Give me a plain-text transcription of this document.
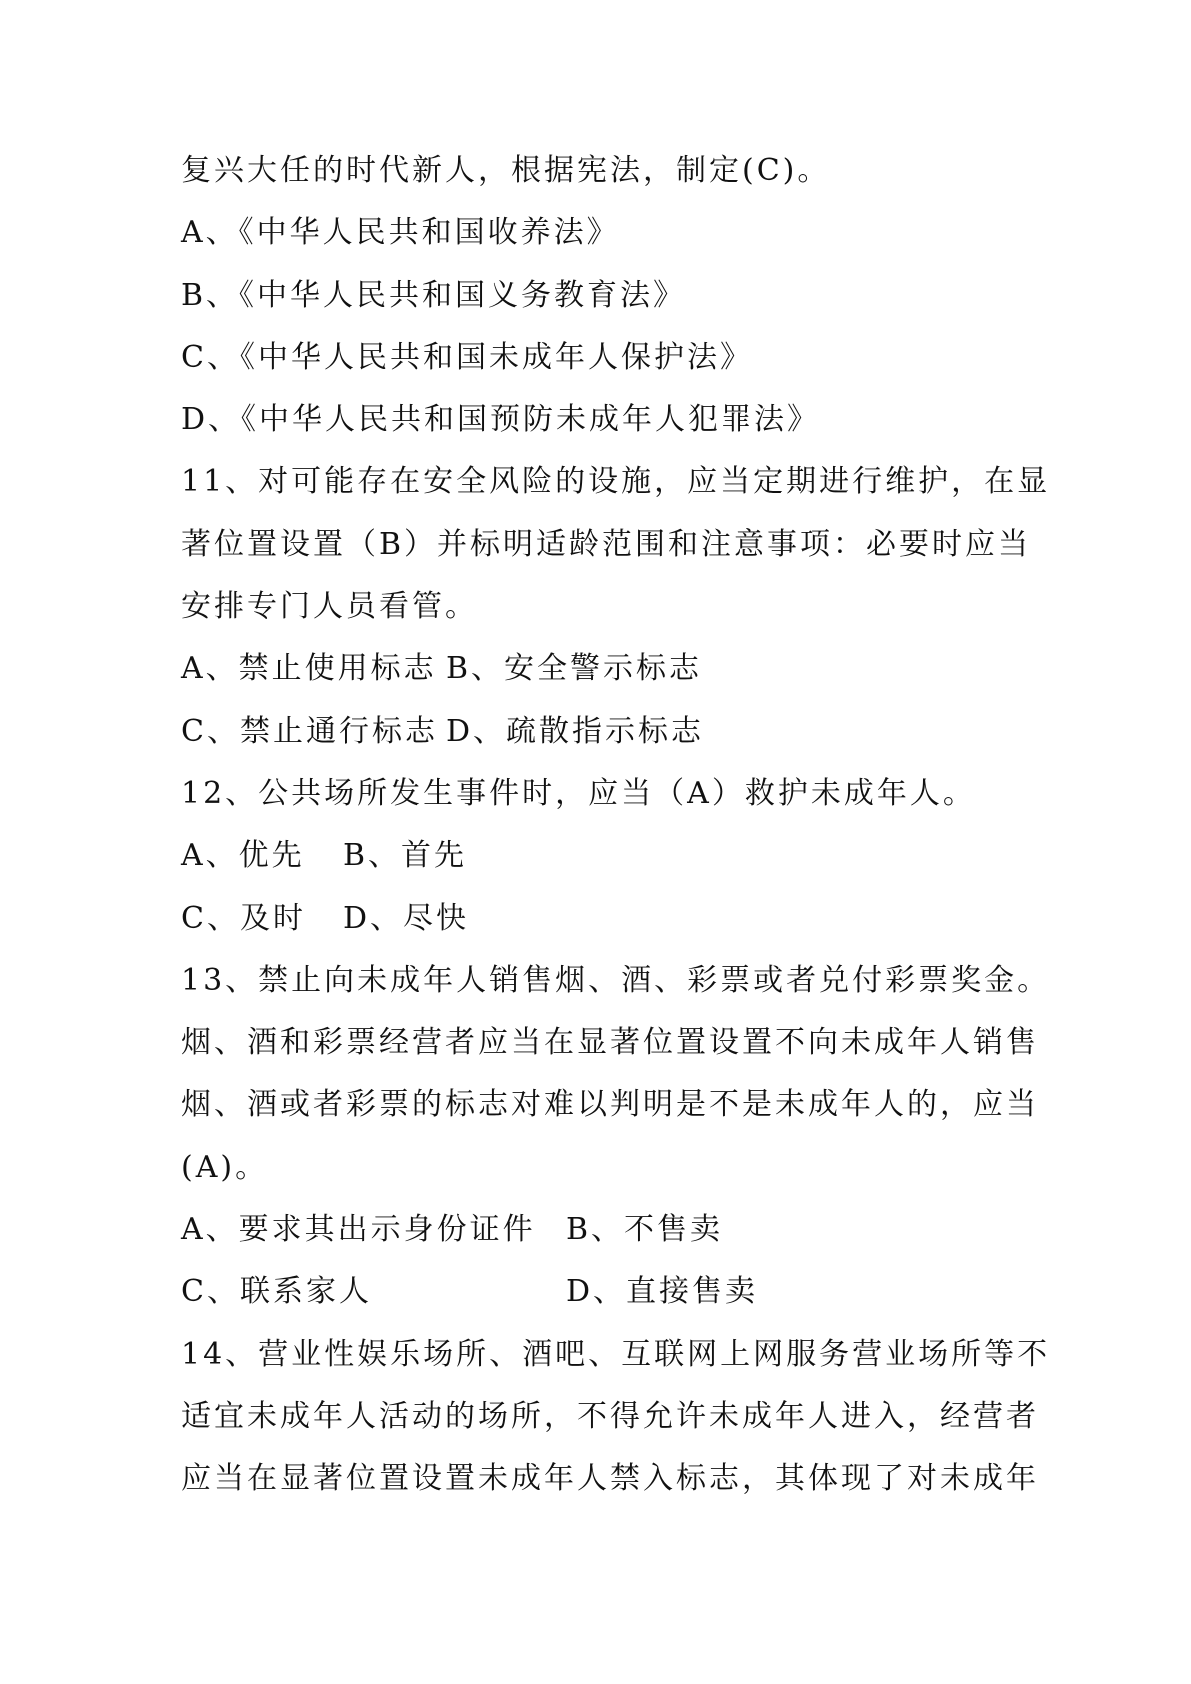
复兴大任的时代新人，根据宪法，制定(C)。
A、《中华人民共和国收养法》
B、《中华人民共和国义务教育法》
C、《中华人民共和国未成年人保护法》
D、《中华人民共和国预防未成年人犯罪法》
11、对可能存在安全风险的设施，应当定期进行维护，在显
著位置设置（B）并标明适龄范围和注意事项：必要时应当
安排专门人员看管。
A、禁止使用标志 B、安全警示标志
C、禁止通行标志 D、疏散指示标志
12、公共场所发生事件时，应当（A）救护未成年人。
A、优先 B、首先
C、及时 D、尽快
13、禁止向未成年人销售烟、酒、彩票或者兑付彩票奖金。
烟、酒和彩票经营者应当在显著位置设置不向未成年人销售
烟、酒或者彩票的标志对难以判明是不是未成年人的，应当
(A)。
A、要求其出示身份证件 B、不售卖
C、联系家人	D、直接售卖
14、营业性娱乐场所、酒吧、互联网上网服务营业场所等不
适宜未成年人活动的场所，不得允许未成年人进入，经营者
应当在显著位置设置未成年人禁入标志，其体现了对未成年
